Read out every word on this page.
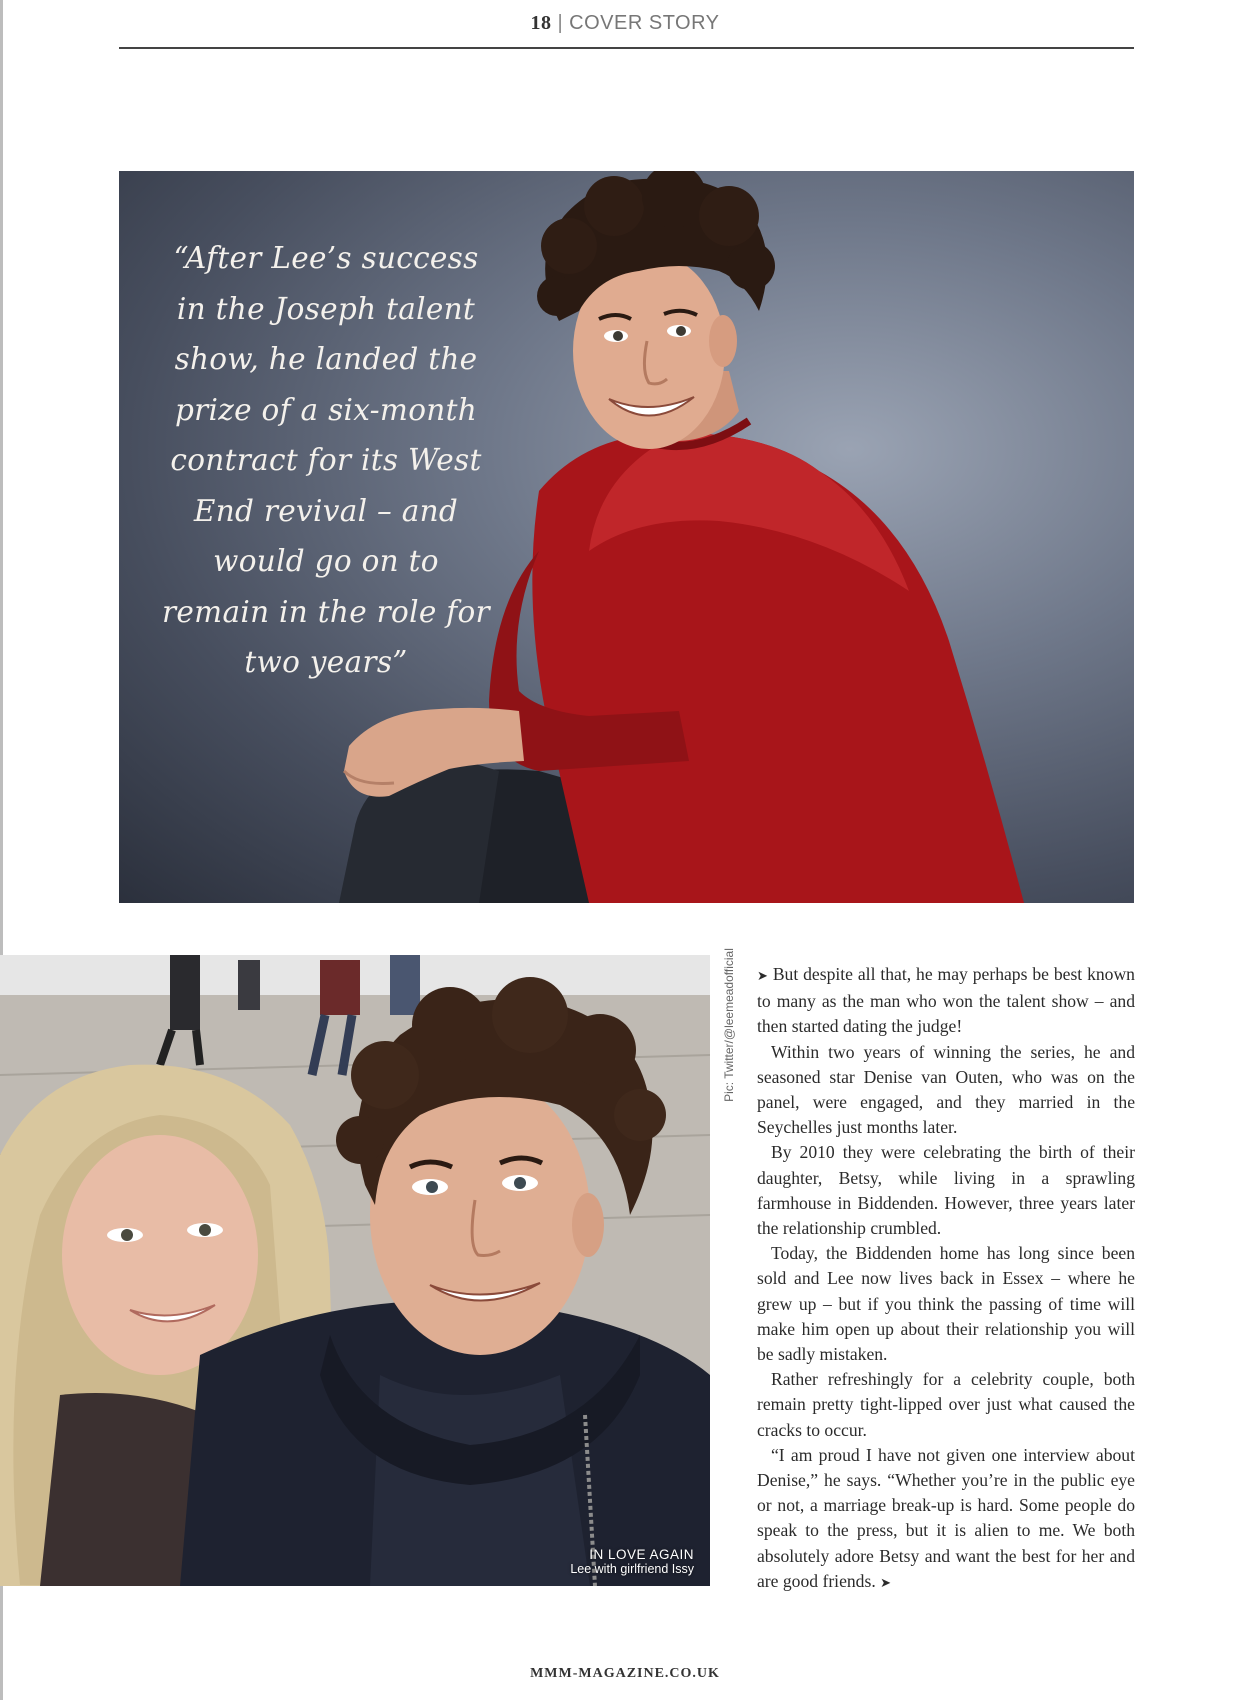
18 | COVER STORY
“After Lee’s success in the Joseph talent show, he landed the prize of a six-month contract for its West End revival – and would go on to remain in the role for two years”
IN LOVE AGAIN
Lee with girlfriend Issy
Pic: Twitter/@leemeadofficial ➤ But despite all that, he may perhaps be best known to many as the man who won the talent show – and then started dating the judge!

Within two years of winning the series, he and seasoned star Denise van Outen, who was on the panel, were engaged, and they married in the Seychelles just months later.

By 2010 they were celebrating the birth of their daughter, Betsy, while living in a sprawling farmhouse in Biddenden. However, three years later the relationship crumbled.

Today, the Biddenden home has long since been sold and Lee now lives back in Essex – where he grew up – but if you think the passing of time will make him open up about their relationship you will be sadly mistaken.

Rather refreshingly for a celebrity couple, both remain pretty tight-lipped over just what caused the cracks to occur.

“I am proud I have not given one interview about Denise,” he says. “Whether you’re in the public eye or not, a marriage break-up is hard. Some people do speak to the press, but it is alien to me. We both absolutely adore Betsy and want the best for her and are good friends. ➤

MMM-MAGAZINE.CO.UK
